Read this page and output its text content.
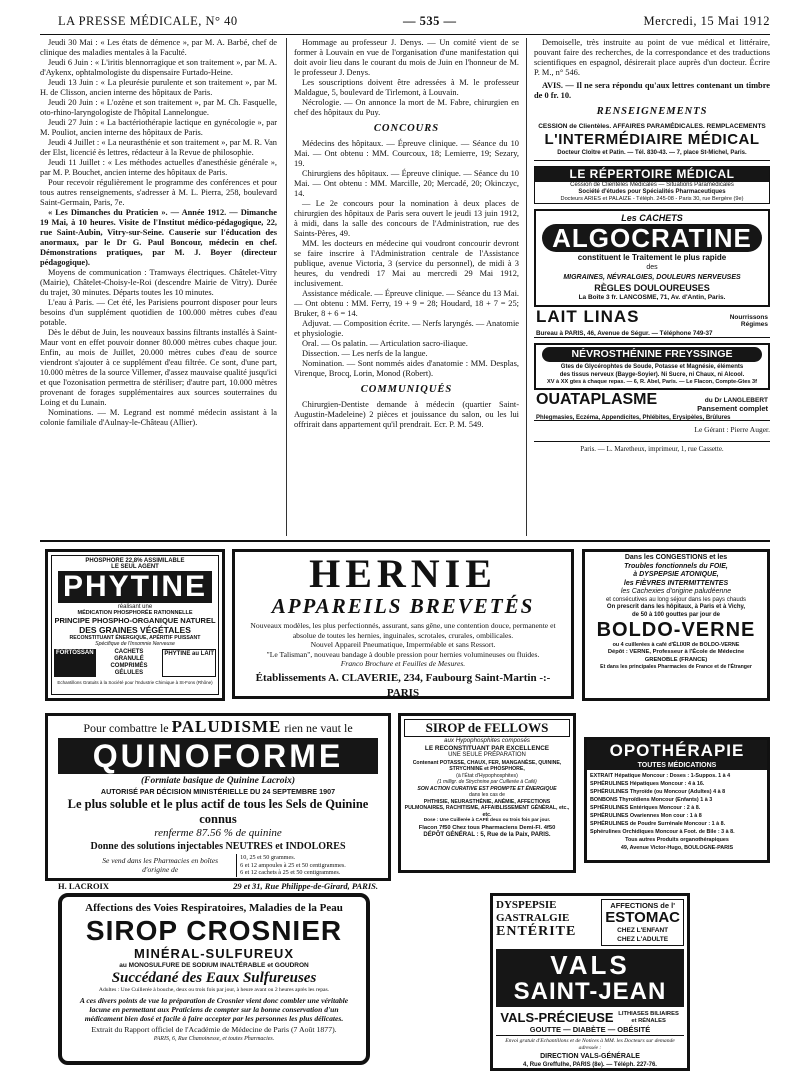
LA PRESSE MÉDICALE, N° 40	— 535 —	Mercredi, 15 Mai 1912

Jeudi 30 Mai : « Les états de démence », par M. A. Barbé, chef de clinique des maladies mentales à la Faculté.

Jeudi 6 Juin : « L'iritis blennorragique et son traitement », par M. A. d'Aykenx, ophtalmologiste du dispensaire Furtado-Heine.

Jeudi 13 Juin : « La pleurésie purulente et son traitement », par M. H. de Clisson, ancien interne des hôpitaux de Paris.

Jeudi 20 Juin : « L'ozène et son traitement », par M. Ch. Fasquelle, oto-rhino-laryngologiste de l'hôpital Lannelongue.

Jeudi 27 Juin : « La bactériothérapie lactique en gynécologie », par M. Pouliot, ancien interne des hôpitaux de Paris.

Jeudi 4 Juillet : « La neurasthénie et son traitement », par M. R. Van der Elst, licencié ès lettres, rédacteur à la Revue de philosophie.

Jeudi 11 Juillet : « Les méthodes actuelles d'anesthésie générale », par M. P. Bouchet, ancien interne des hôpitaux de Paris.

Pour recevoir régulièrement le programme des conférences et pour tous autres renseignements, s'adresser à M. L. Pierra, 258, boulevard Saint-Germain, Paris, 7e.

« Les Dimanches du Praticien ». — Année 1912. — Dimanche 19 Mai, à 10 heures. Visite de l'Institut médico-pédagogique, 22, rue Saint-Aubin, Vitry-sur-Seine. Causerie sur l'éducation des anormaux, par le Dr G. Paul Boncour, médecin en chef. Démonstrations pratiques, par M. J. Boyer (directeur pédagogique).

Moyens de communication : Tramways électriques. Châtelet-Vitry (Mairie), Châtelet-Choisy-le-Roi (descendre Mairie de Vitry). Durée du trajet, 30 minutes. Départs toutes les 10 minutes.

L'eau à Paris. — Cet été, les Parisiens pourront disposer pour leurs besoins d'un supplément quotidien de 100.000 mètres cubes d'eau potable.

Dès le début de Juin, les nouveaux bassins filtrants installés à Saint-Maur vont en effet pouvoir donner 80.000 mètres cubes chaque jour. Enfin, au mois de Juillet, 20.000 mètres cubes d'eau de source viendront s'ajouter à ce supplément d'eau filtrée. Ce sont, d'une part, 10.000 mètres de la source Villemer, d'assez mauvaise qualité jusqu'ici et que l'ozonisation permettra de stériliser; d'autre part, 10.000 mètres provenant de forages supplémentaires aux sources souterraines du Loing et du Lunain.

Nominations. — M. Legrand est nommé médecin assistant à la colonie familiale d'Aulnay-le-Château (Allier).

Hommage au professeur J. Denys. — Un comité vient de se former à Louvain en vue de l'organisation d'une manifestation qui doit avoir lieu dans le courant du mois de Juin en l'honneur de M. le professeur J. Denys.

Les souscriptions doivent être adressées à M. le professeur Maldague, 5, boulevard de Tirlemont, à Louvain.

Nécrologie. — On annonce la mort de M. Fabre, chirurgien en chef des hôpitaux du Puy.

CONCOURS

Médecins des hôpitaux. — Épreuve clinique. — Séance du 10 Mai. — Ont obtenu : MM. Courcoux, 18; Lemierre, 19; Sezary, 19.

Chirurgiens des hôpitaux. — Épreuve clinique. — Séance du 10 Mai. — Ont obtenu : MM. Marcille, 20; Mercadé, 20; Okinczyc, 14.

— Le 2e concours pour la nomination à deux places de chirurgien des hôpitaux de Paris sera ouvert le jeudi 13 juin 1912, à midi, dans la salle des concours de l'Administration, rue des Saints-Pères, 49.

MM. les docteurs en médecine qui voudront concourir devront se faire inscrire à l'Administration centrale de l'Assistance publique, avenue Victoria, 3 (service du personnel), de midi à 3 heures, du vendredi 17 Mai au mercredi 29 Mai 1912, inclusivement.

Assistance médicale. — Épreuve clinique. — Séance du 13 Mai. — Ont obtenu : MM. Ferry, 19 + 9 = 28; Houdard, 18 + 7 = 25; Bruker, 8 + 6 = 14.

Adjuvat. — Composition écrite. — Nerfs laryngés. — Anatomie et physiologie.

Oral. — Os palatin. — Articulation sacro-iliaque.

Dissection. — Les nerfs de la langue.

Nomination. — Sont nommés aides d'anatomie : MM. Desplas, Virenque, Brocq, Lorin, Monod (Robert).

COMMUNIQUÉS

Chirurgien-Dentiste demande à médecin (quartier Saint-Augustin-Madeleine) 2 pièces et jouissance du salon, ou les lui offrirait dans appartement qu'il prendrait. Ecr. P. M. 549.

Demoiselle, très instruite au point de vue médical et littéraire, pouvant faire des recherches, de la correspondance et des traductions scientifiques en espagnol, désirerait place auprès d'un docteur. Écrire P. M., n° 546.

AVIS. — Il ne sera répondu qu'aux lettres contenant un timbre de 0 fr. 10.

RENSEIGNEMENTS
CESSION de Clientèles. AFFAIRES PARAMÉDICALES. REMPLACEMENTS
L'INTERMÉDIAIRE MÉDICAL
Docteur Cloître et Patin. — Tél. 830-43. — 7, place St-Michel, Paris.
LE RÉPERTOIRE MÉDICAL
Cession de Clientèles Médicales — Situations Paramédicales
Société d'études pour Spécialités Pharmaceutiques
Docteurs ARIES et PALAIZE - Téléph. 245-08 - Paris 30, rue Bergère (9e)
Les CACHETS
ALGOCRATINE
constituent le Traitement le plus rapide
des
MIGRAINES, NÉVRALGIES, DOULEURS NERVEUSES
RÈGLES DOULOUREUSES
La Boîte 3 fr. LANCOSME, 71, Av. d'Antin, Paris.
LAIT LINAS	Nourrissons Régimes
Bureau à PARIS, 46, Avenue de Ségur. — Téléphone 749-37
NÉVROSTHÉNINE FREYSSINGE
Gtes de Glycérophtes de Soude, Potasse et Magnésie, éléments
des tissus nerveux (Bayge-Soyier). Ni Sucre, ni Chaux, ni Alcool.
XV à XX gtes à chaque repas. — 6, R. Abel, Paris. — Le Flacon, Compte-Gtes 3f
OUATAPLASME	du Dr LANGLEBERT
Pansement complet
Phlegmasies, Eczéma, Appendicites, Phlébites, Erysipèles, Brûlures

Le Gérant : Pierre Auger.

Paris. — L. Maretheux, imprimeur, 1, rue Cassette.

PHOSPHORE 22,8% ASSIMILABLE
LE SEUL AGENT
PHYTINE
réalisant une
MÉDICATION PHOSPHORÉE RATIONNELLE
PRINCIPE PHOSPHO-ORGANIQUE NATUREL
DES GRAINES VÉGÉTALES
RECONSTITUANT ÉNERGIQUE, APÉRITIF PUISSANT
Spécifique de l'Insomnie Nerveuse
FORTOSSAN	CACHETS
GRANULÉ
COMPRIMÉS
GÉLULES
PHYTINE au LAIT
Echantillons Gratuits à la Société pour l'Industrie Chimique à St-Fons (Rhône)
HERNIE
APPAREILS BREVETÉS
Nouveaux modèles, les plus perfectionnés, assurant, sans gêne, une contention douce, permanente et absolue de toutes les hernies, inguinales, scrotales, crurales, ombilicales.
Nouvel Appareil Pneumatique, Imperméable et sans Ressort.
"Le Talisman", nouveau bandage à double pression pour hernies volumineuses ou fluides.
Franco Brochure et Feuilles de Mesures.
Établissements A. CLAVERIE, 234, Faubourg Saint-Martin -:- PARIS
Dans les CONGESTIONS et les
Troubles fonctionnels du FOIE,
à DYSPEPSIE ATONIQUE,
les FIÈVRES INTERMITTENTES
les Cachexies d'origine paludéenne
et consécutives au long séjour dans les pays chauds
On prescrit dans les hôpitaux, à Paris et à Vichy,
de 50 à 100 gouttes par jour de
BOLDO-VERNE
ou 4 cuillerées à café d'ÉLIXIR de BOLDO-VERNE
Dépôt : VERNE, Professeur à l'École de Médecine
GRENOBLE (FRANCE)
Et dans les principales Pharmacies de France et de l'Étranger
Pour combattre le PALUDISME rien ne vaut le
QUINOFORME
(Formiate basique de Quinine Lacroix)
AUTORISÉ PAR DÉCISION MINISTÉRIELLE DU 24 SEPTEMBRE 1907
Le plus soluble et le plus actif de tous les Sels de Quinine connus
renferme 87.56 % de quinine
Donne des solutions injectables NEUTRES et INDOLORES
Se vend dans les Pharmacies en boîtes d'origine de
10, 25 et 50 grammes.
6 et 12 ampoules à 25 et 50 centigrammes.
6 et 12 cachets à 25 et 50 centigrammes.
H. LACROIX	29 et 31, Rue Philippe-de-Girard, PARIS.
SIROP de FELLOWS
aux Hypophosphites composés
LE RECONSTITUANT PAR EXCELLENCE
UNE SEULE PRÉPARATION
Contenant POTASSE, CHAUX, FER, MANGANÈSE, QUININE, STRYCHNINE et PHOSPHORE,
(à l'État d'Hypophosphites)
(1 milligr. de Strychnine par Cuillerée à Café)
SON ACTION CURATIVE EST PROMPTE ET ÉNERGIQUE
dans les cas de
PHTHISIE, NEURASTHÉNIE, ANÉMIE, AFFECTIONS PULMONAIRES, RACHITISME, AFFAIBLISSEMENT GÉNÉRAL, etc., etc.
Dose : Une Cuillerée à CAFÉ deux ou trois fois par jour.
Flacon 7f50 Chez tous Pharmaciens Demi-Fl. 4f50
DÉPÔT GÉNÉRAL : 5, Rue de la Paix, PARIS.
OPOTHÉRAPIE
TOUTES MÉDICATIONS
EXTRAIT Hépatique Moncour : Doses : 1-Suppos. 1 à 4
SPHÉRULINES Hépatiques Moncour : 4 à 16.
SPHÉRULINES Thyroïde (ou Moncour (Adultes) 4 à 8
BONBONS Thyroïdiens Moncour (Enfants) 1 à 3
SPHÉRULINES Entériques Moncour : 2 à 8.
SPHÉRULINES Ovariennes Mon cour : 1 à 8
SPHÉRULINES de Poudre Surrénale Moncour : 1 à 8.
Sphérulines Orchidiques Moncour à Foot. de Bile : 3 à 8.
Tous autres Produits organothérapiques
49, Avenue Victor-Hugo, BOULOGNE-PARIS
Affections des Voies Respiratoires, Maladies de la Peau
SIROP CROSNIER
MINÉRAL-SULFUREUX
au MONOSULFURE DE SODIUM INALTÉRABLE et GOUDRON
Succédané des Eaux Sulfureuses
Adultes : Une Cuillerée à bouche, deux ou trois fois par jour, à heure avant ou 2 heures après les repas.
A ces divers points de vue la préparation de Crosnier vient donc combler une véritable lacune en permettant aux Praticiens de compter sur la bonne conservation d'un médicament bien dosé et facile à faire accepter par les personnes les plus délicates.
Extrait du Rapport officiel de l'Académie de Médecine de Paris (7 Août 1877).
PARIS, 6, Rue Chanoinesse, et toutes Pharmacies.
DYSPEPSIE
GASTRALGIE
ENTÉRITE
AFFECTIONS de l'
ESTOMAC
CHEZ L'ENFANT
CHEZ L'ADULTE
VALS
SAINT-JEAN
VALS-PRÉCIEUSE LITHIASES BILIAIRES et RÉNALES
GOUTTE — DIABÈTE — OBÉSITÉ
Envoi gratuit d'Echantillons et de Notices à MM. les Docteurs sur demande adressée :
DIRECTION VALS-GÉNÉRALE
4, Rue Greffulhe, PARIS (8e). — Téléph. 227-76.
